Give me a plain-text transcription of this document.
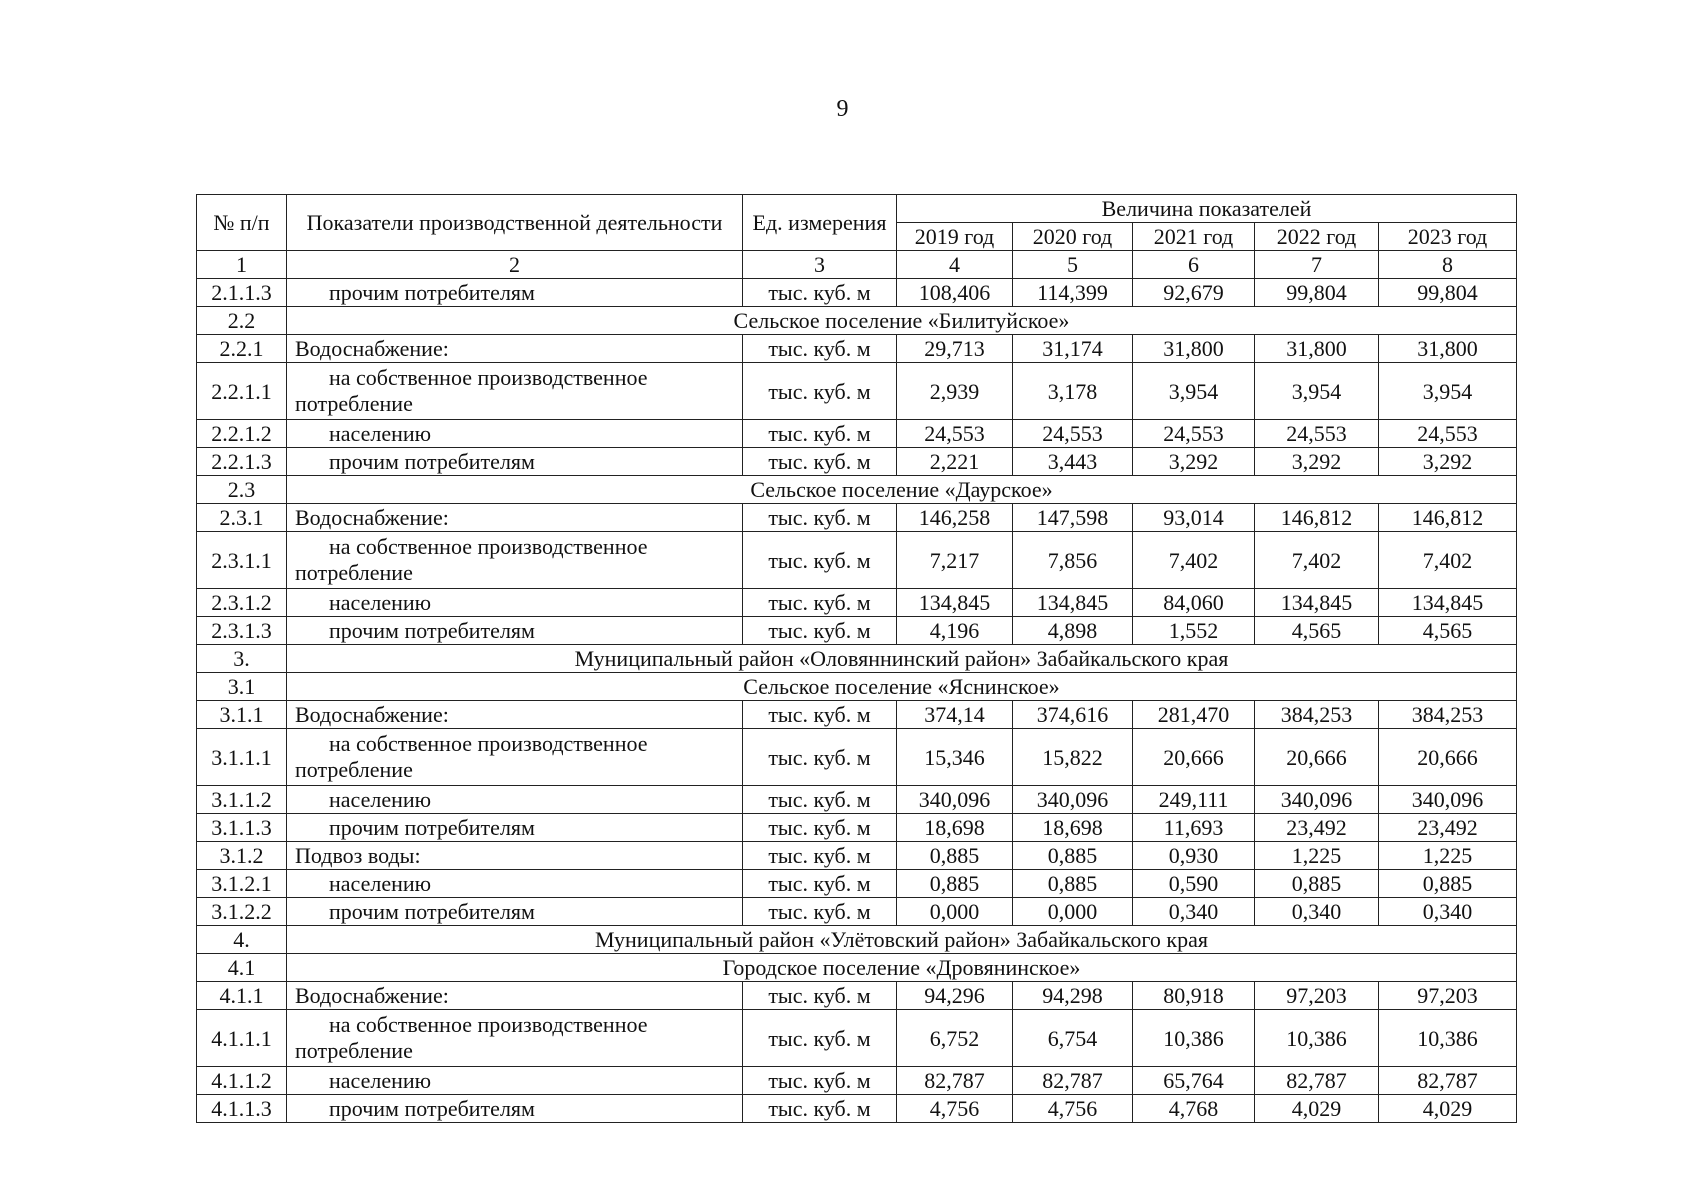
9
№ п/п	Показатели производственной деятельности	Ед. измерения	Величина показателей				
			2019 год	2020 год	2021 год	2022 год	2023 год
1	2	3	4	5	6	7	8
2.1.1.3	прочим потребителям	тыс. куб. м	108,406	114,399	92,679	99,804	99,804
2.2	Сельское поселение «Билитуйское»						
2.2.1	Водоснабжение:	тыс. куб. м	29,713	31,174	31,800	31,800	31,800
2.2.1.1	на собственное производственное потребление	тыс. куб. м	2,939	3,178	3,954	3,954	3,954
2.2.1.2	населению	тыс. куб. м	24,553	24,553	24,553	24,553	24,553
2.2.1.3	прочим потребителям	тыс. куб. м	2,221	3,443	3,292	3,292	3,292
2.3	Сельское поселение «Даурское»						
2.3.1	Водоснабжение:	тыс. куб. м	146,258	147,598	93,014	146,812	146,812
2.3.1.1	на собственное производственное потребление	тыс. куб. м	7,217	7,856	7,402	7,402	7,402
2.3.1.2	населению	тыс. куб. м	134,845	134,845	84,060	134,845	134,845
2.3.1.3	прочим потребителям	тыс. куб. м	4,196	4,898	1,552	4,565	4,565
3.	Муниципальный район «Оловяннинский район» Забайкальского края						
3.1	Сельское поселение «Яснинское»						
3.1.1	Водоснабжение:	тыс. куб. м	374,14	374,616	281,470	384,253	384,253
3.1.1.1	на собственное производственное потребление	тыс. куб. м	15,346	15,822	20,666	20,666	20,666
3.1.1.2	населению	тыс. куб. м	340,096	340,096	249,111	340,096	340,096
3.1.1.3	прочим потребителям	тыс. куб. м	18,698	18,698	11,693	23,492	23,492
3.1.2	Подвоз воды:	тыс. куб. м	0,885	0,885	0,930	1,225	1,225
3.1.2.1	населению	тыс. куб. м	0,885	0,885	0,590	0,885	0,885
3.1.2.2	прочим потребителям	тыс. куб. м	0,000	0,000	0,340	0,340	0,340
4.	Муниципальный район «Улётовский район» Забайкальского края						
4.1	Городское поселение «Дровянинское»						
4.1.1	Водоснабжение:	тыс. куб. м	94,296	94,298	80,918	97,203	97,203
4.1.1.1	на собственное производственное потребление	тыс. куб. м	6,752	6,754	10,386	10,386	10,386
4.1.1.2	населению	тыс. куб. м	82,787	82,787	65,764	82,787	82,787
4.1.1.3	прочим потребителям	тыс. куб. м	4,756	4,756	4,768	4,029	4,029
